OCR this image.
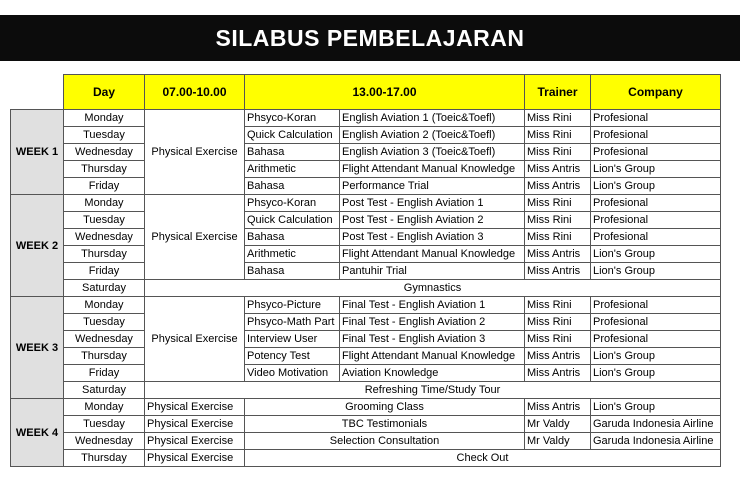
SILABUS PEMBELAJARAN
	Day	07.00-10.00	13.00-17.00		Trainer	Company
WEEK 1	Monday	Physical Exercise	Phsyco-Koran	English Aviation 1 (Toeic&Toefl)	Miss Rini	Profesional
	Tuesday		Quick Calculation	English Aviation 2 (Toeic&Toefl)	Miss Rini	Profesional
	Wednesday		Bahasa	English Aviation 3 (Toeic&Toefl)	Miss Rini	Profesional
	Thursday		Arithmetic	Flight Attendant Manual Knowledge	Miss Antris	Lion's Group
	Friday		Bahasa	Performance Trial	Miss Antris	Lion's Group
WEEK 2	Monday	Physical Exercise	Phsyco-Koran	Post Test - English Aviation 1	Miss Rini	Profesional
	Tuesday		Quick Calculation	Post Test - English Aviation 2	Miss Rini	Profesional
	Wednesday		Bahasa	Post Test - English Aviation 3	Miss Rini	Profesional
	Thursday		Arithmetic	Flight Attendant Manual Knowledge	Miss Antris	Lion's Group
	Friday		Bahasa	Pantuhir Trial	Miss Antris	Lion's Group
	Saturday	Gymnastics				
WEEK 3	Monday	Physical Exercise	Phsyco-Picture	Final Test - English Aviation 1	Miss Rini	Profesional
	Tuesday		Phsyco-Math Part	Final Test - English Aviation 2	Miss Rini	Profesional
	Wednesday		Interview User	Final Test - English Aviation 3	Miss Rini	Profesional
	Thursday		Potency Test	Flight Attendant Manual Knowledge	Miss Antris	Lion's Group
	Friday		Video Motivation	Aviation Knowledge	Miss Antris	Lion's Group
	Saturday	Refreshing Time/Study Tour				
WEEK 4	Monday	Physical Exercise	Grooming Class		Miss Antris	Lion's Group
	Tuesday	Physical Exercise	TBC Testimonials		Mr Valdy	Garuda Indonesia Airline
	Wednesday	Physical Exercise	Selection Consultation		Mr Valdy	Garuda Indonesia Airline
	Thursday	Physical Exercise	Check Out			
